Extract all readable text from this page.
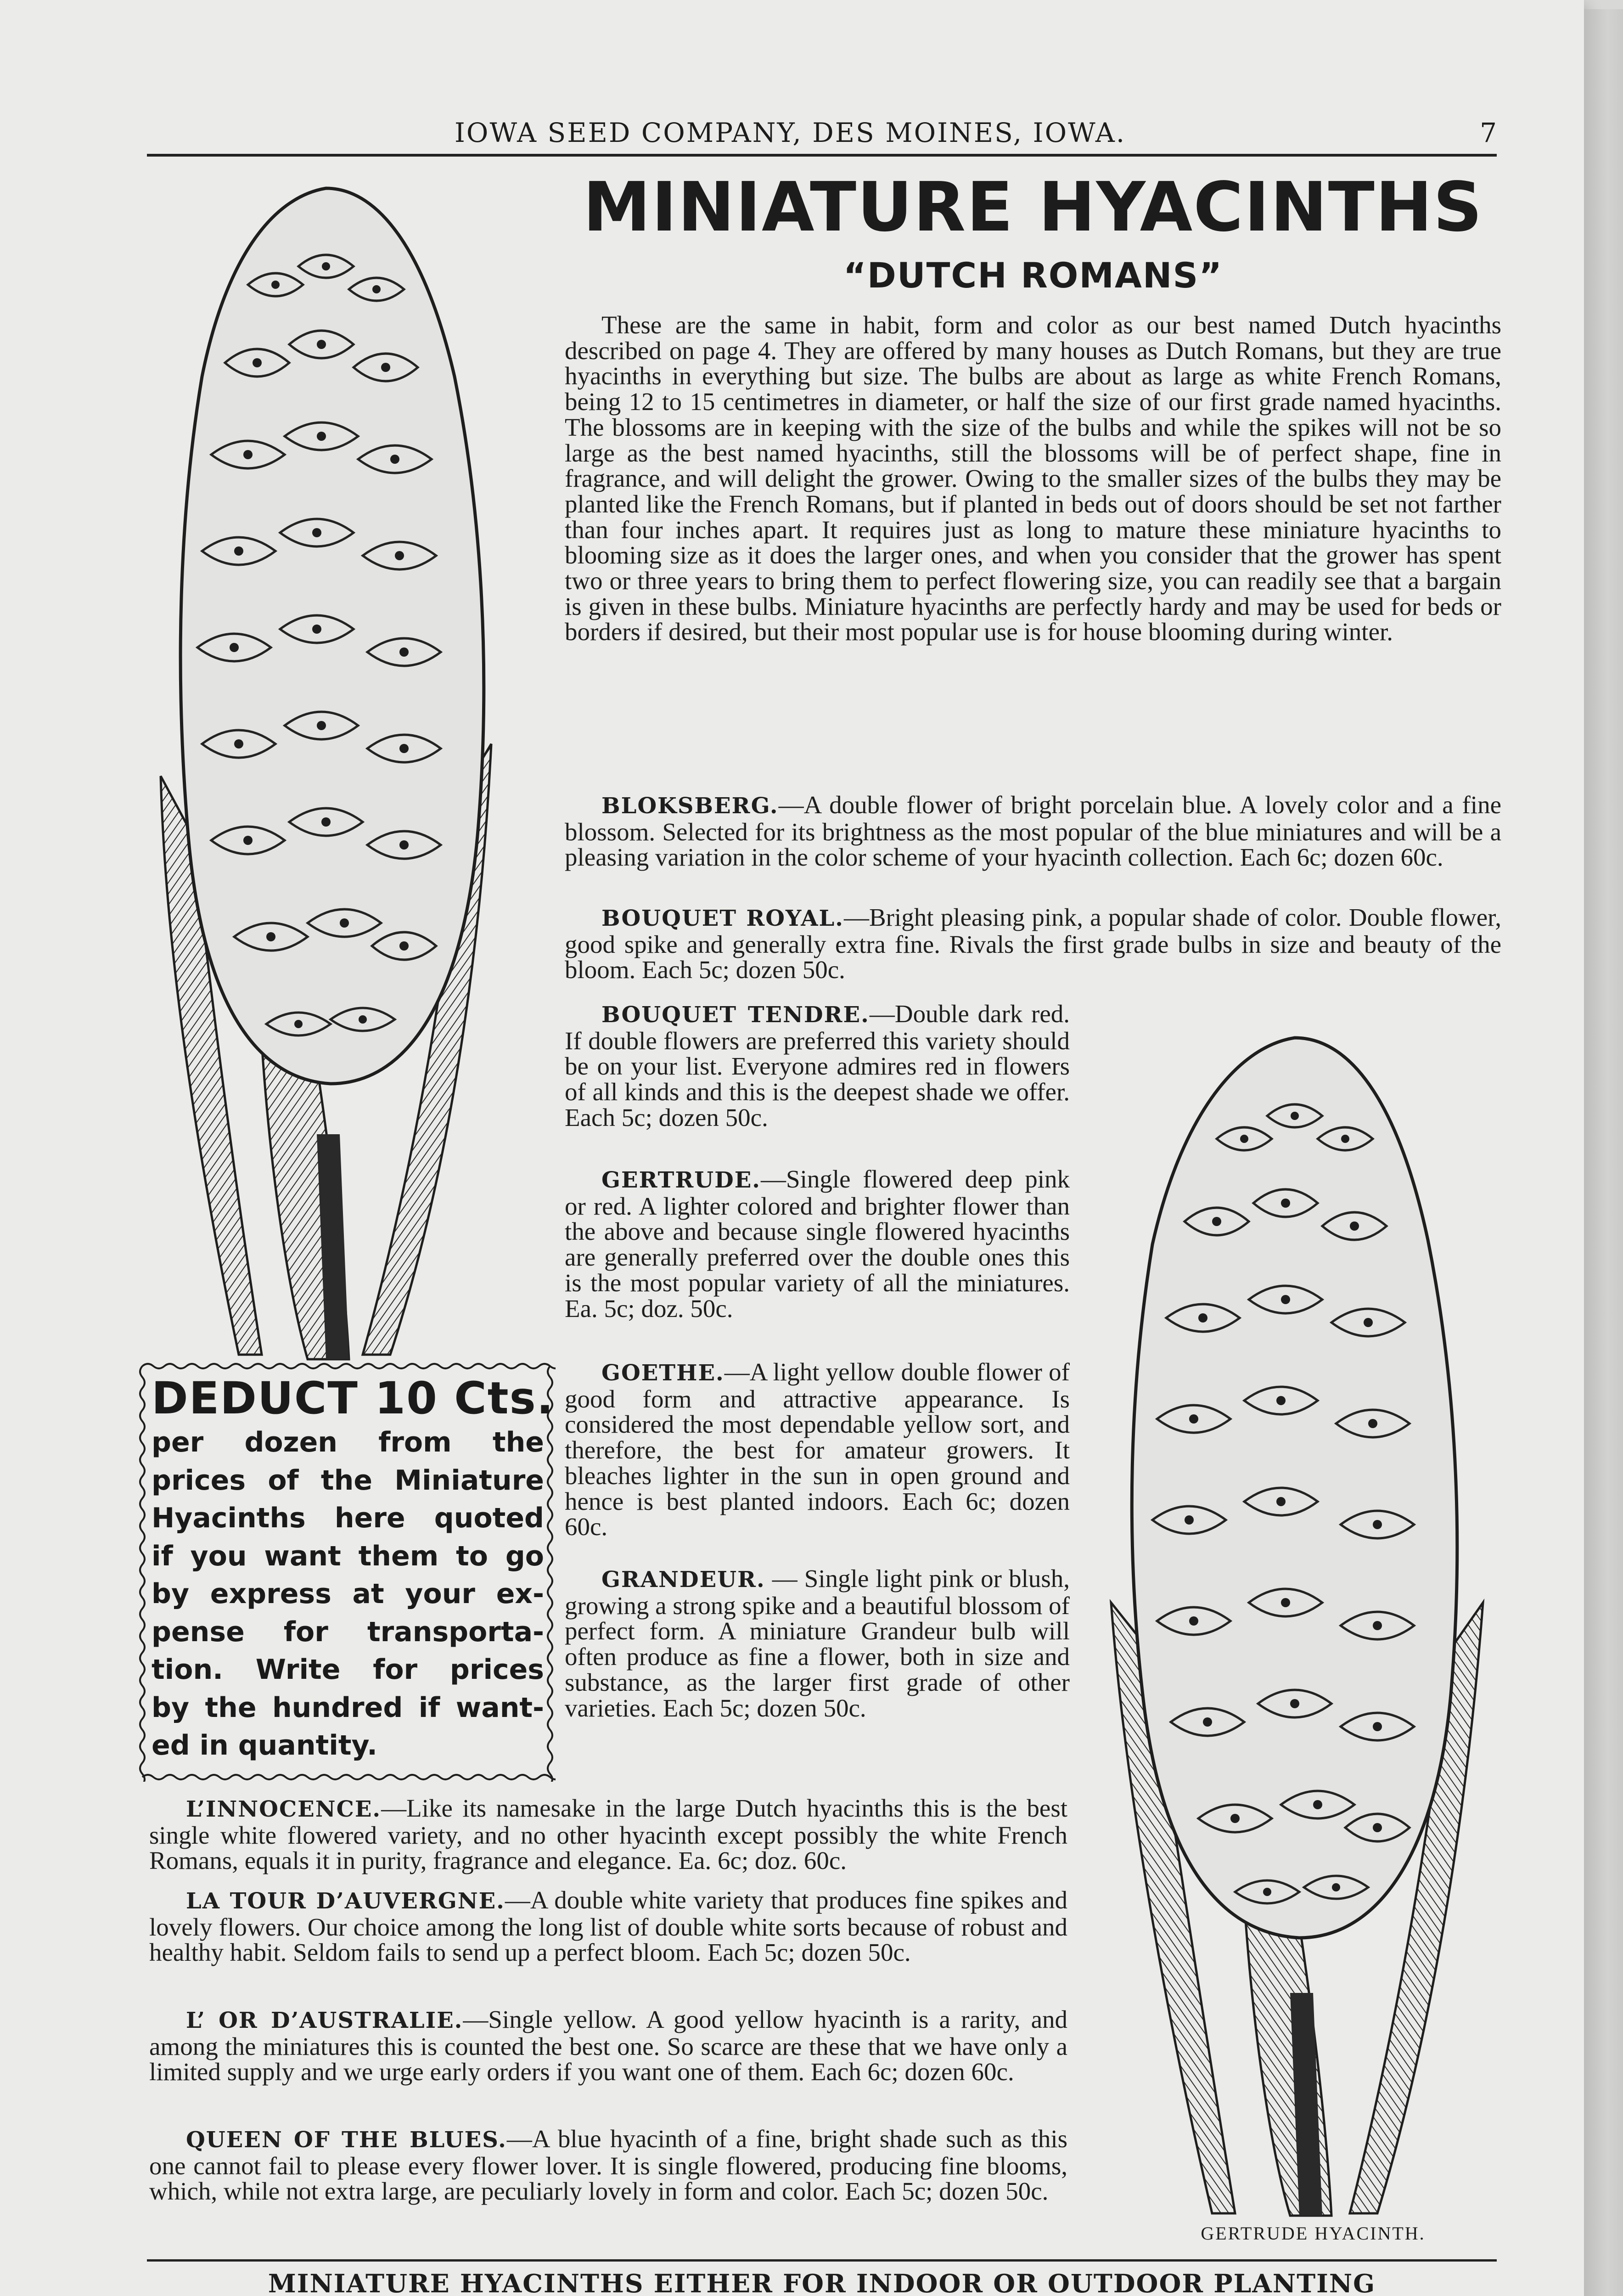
IOWA SEED COMPANY, DES MOINES, IOWA.	7
MINIATURE HYACINTHS
“DUTCH ROMANS”

These are the same in habit, form and color as our best named Dutch hyacinths described on page 4. They are offered by many houses as Dutch Romans, but they are true hyacinths in everything but size. The bulbs are about as large as white French Romans, being 12 to 15 centimetres in diameter, or half the size of our first grade named hyacinths. The blossoms are in keeping with the size of the bulbs and while the spikes will not be so large as the best named hyacinths, still the blossoms will be of perfect shape, fine in fragrance, and will delight the grower. Owing to the smaller sizes of the bulbs they may be planted like the French Romans, but if planted in beds out of doors should be set not farther than four inches apart. It requires just as long to mature these miniature hyacinths to blooming size as it does the larger ones, and when you consider that the grower has spent two or three years to bring them to perfect flowering size, you can readily see that a bargain is given in these bulbs. Miniature hyacinths are perfectly hardy and may be used for beds or borders if desired, but their most popular use is for house blooming during winter.

BLOKSBERG.—A double flower of bright porcelain blue. A lovely color and a fine blossom. Selected for its brightness as the most popular of the blue miniatures and will be a pleasing variation in the color scheme of your hyacinth collection. Each 6c; dozen 60c.

BOUQUET ROYAL.—Bright pleasing pink, a popular shade of color. Double flower, good spike and generally extra fine. Rivals the first grade bulbs in size and beauty of the bloom. Each 5c; dozen 50c.

BOUQUET TENDRE.—Double dark red. If double flowers are preferred this variety should be on your list. Everyone admires red in flowers of all kinds and this is the deepest shade we offer. Each 5c; dozen 50c.

GERTRUDE.—Single flowered deep pink or red. A lighter colored and brighter flower than the above and because single flowered hyacinths are generally preferred over the double ones this is the most popular variety of all the miniatures. Ea. 5c; doz. 50c.

GOETHE.—A light yellow double flower of good form and attractive appearance. Is considered the most dependable yellow sort, and therefore, the best for amateur growers. It bleaches lighter in the sun in open ground and hence is best planted indoors. Each 6c; dozen 60c.

GRANDEUR. — Single light pink or blush, growing a strong spike and a beautiful blossom of perfect form. A miniature Grandeur bulb will often produce as fine a flower, both in size and substance, as the larger first grade of other varieties. Each 5c; dozen 50c.

L’INNOCENCE.—Like its namesake in the large Dutch hyacinths this is the best single white flowered variety, and no other hyacinth except possibly the white French Romans, equals it in purity, fragrance and elegance. Ea. 6c; doz. 60c.

LA TOUR D’AUVERGNE.—A double white variety that produces fine spikes and lovely flowers. Our choice among the long list of double white sorts because of robust and healthy habit. Seldom fails to send up a perfect bloom. Each 5c; dozen 50c.

L’ OR D’AUSTRALIE.—Single yellow. A good yellow hyacinth is a rarity, and among the miniatures this is counted the best one. So scarce are these that we have only a limited supply and we urge early orders if you want one of them. Each 6c; dozen 60c.

QUEEN OF THE BLUES.—A blue hyacinth of a fine, bright shade such as this one cannot fail to please every flower lover. It is single flowered, producing fine blooms, which, while not extra large, are peculiarly lovely in form and color. Each 5c; dozen 50c.

DEDUCT 10 Cts.
per dozen from the
prices of the Miniature
Hyacinths here quoted
if you want them to go
by express at your ex-
pense for transporta-
tion. Write for prices
by the hundred if want-
ed in quantity.
GERTRUDE HYACINTH.
MINIATURE HYACINTHS EITHER FOR INDOOR OR OUTDOOR PLANTING
